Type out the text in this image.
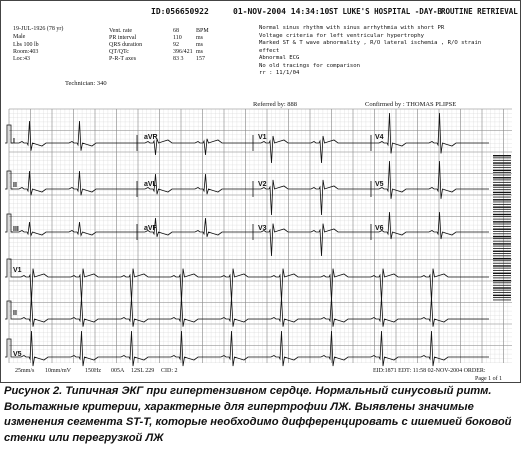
ID:056650922	01-NOV-2004 14:34:10 ST LUKE'S HOSPITAL -DAY-B ROUTINE RETRIEVAL
19-JUL-1926 (78 yr)
Male
Lbs 100 lb
Room:403
Loc:43
Vent. rate	68	BPM
PR interval	110 ms
QRS duration	92	ms
QT/QTc	396/421 ms
P-R-T axes	83 3 157
Normal sinus rhythm with sinus arrhythmia with short PR
Voltage criteria for left ventricular hypertrophy
Marked ST & T wave abnormality , R/O lateral ischemia , R/O strain
effect
Abnormal ECG
No old tracings for comparison
rr : 11/1/04
Technician: 340
Referred by: 888	Confirmed by : THOMAS PLIPSE
I
aVR	V1	V4
II	aVL	V2	V5
III	aVF	V3	V6
V1
II
V5
25mm/s 10mm/mV 150Hz 005A 12SL 229 CID: 2	EID:1871 EDT: 11:58 02-NOV-2004 ORDER:
Page 1 of 1
Рисунок 2. Типичная ЭКГ при гипертензивном сердце. Нормальный синусовый ритм. Вольтажные критерии, характерные для гипертрофии ЛЖ. Выявлены значимые изменения сегмента ST-T, которые необходимо дифференцировать с ишемией боковой стенки или перегрузкой ЛЖ
